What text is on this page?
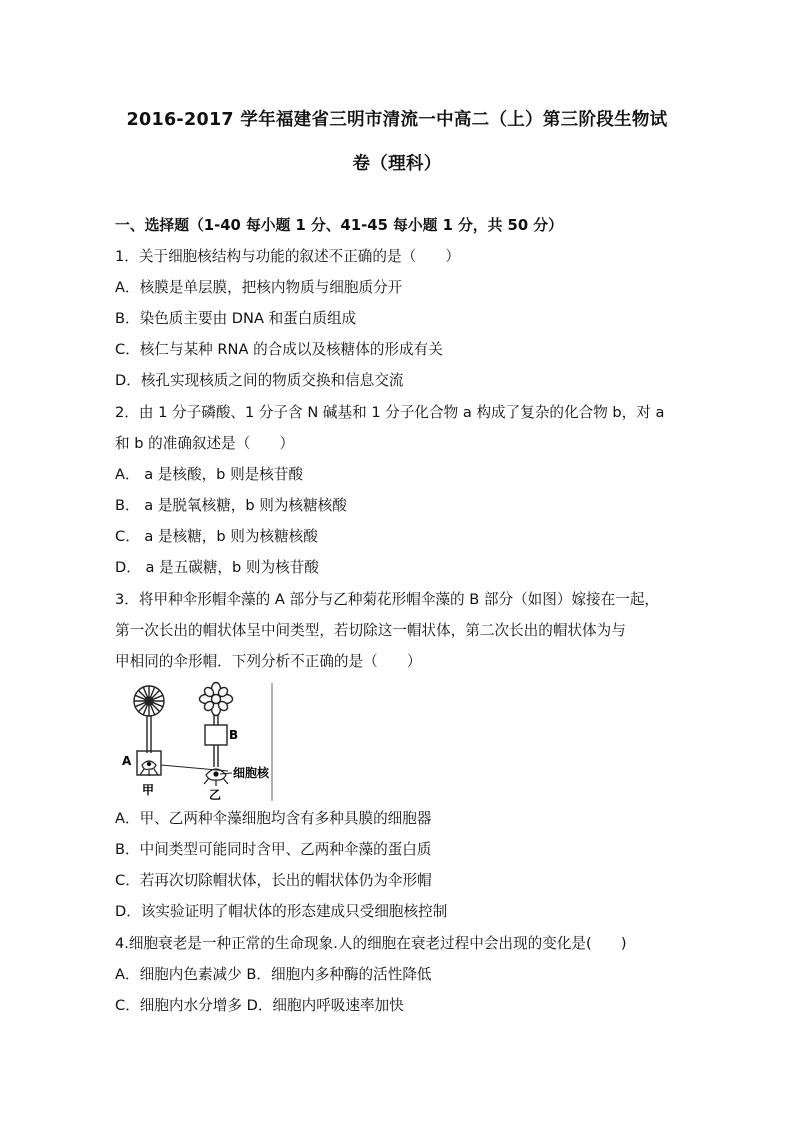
2016-2017 学年福建省三明市清流一中高二（上）第三阶段生物试
卷（理科）
一、选择题（1-40 每小题 1 分、41-45 每小题 1 分，共 50 分）
1．关于细胞核结构与功能的叙述不正确的是（　　）
A．核膜是单层膜，把核内物质与细胞质分开
B．染色质主要由 DNA 和蛋白质组成
C．核仁与某种 RNA 的合成以及核糖体的形成有关
D．核孔实现核质之间的物质交换和信息交流
2．由 1 分子磷酸、1 分子含 N 碱基和 1 分子化合物 a 构成了复杂的化合物 b，对 a
和 b 的准确叙述是（　　）
A． a 是核酸，b 则是核苷酸
B． a 是脱氧核糖，b 则为核糖核酸
C． a 是核糖，b 则为核糖核酸
D． a 是五碳糖，b 则为核苷酸
3．将甲种伞形帽伞藻的 A 部分与乙种菊花形帽伞藻的 B 部分（如图）嫁接在一起，
第一次长出的帽状体呈中间类型，若切除这一帽状体，第二次长出的帽状体为与
甲相同的伞形帽．下列分析不正确的是（　　）
A
B
细胞核
甲	乙
A．甲、乙两种伞藻细胞均含有多种具膜的细胞器
B．中间类型可能同时含甲、乙两种伞藻的蛋白质
C．若再次切除帽状体，长出的帽状体仍为伞形帽
D．该实验证明了帽状体的形态建成只受细胞核控制
4.细胞衰老是一种正常的生命现象.人的细胞在衰老过程中会出现的变化是(　　)
A．细胞内色素减少 B．细胞内多种酶的活性降低
C．细胞内水分增多 D．细胞内呼吸速率加快
